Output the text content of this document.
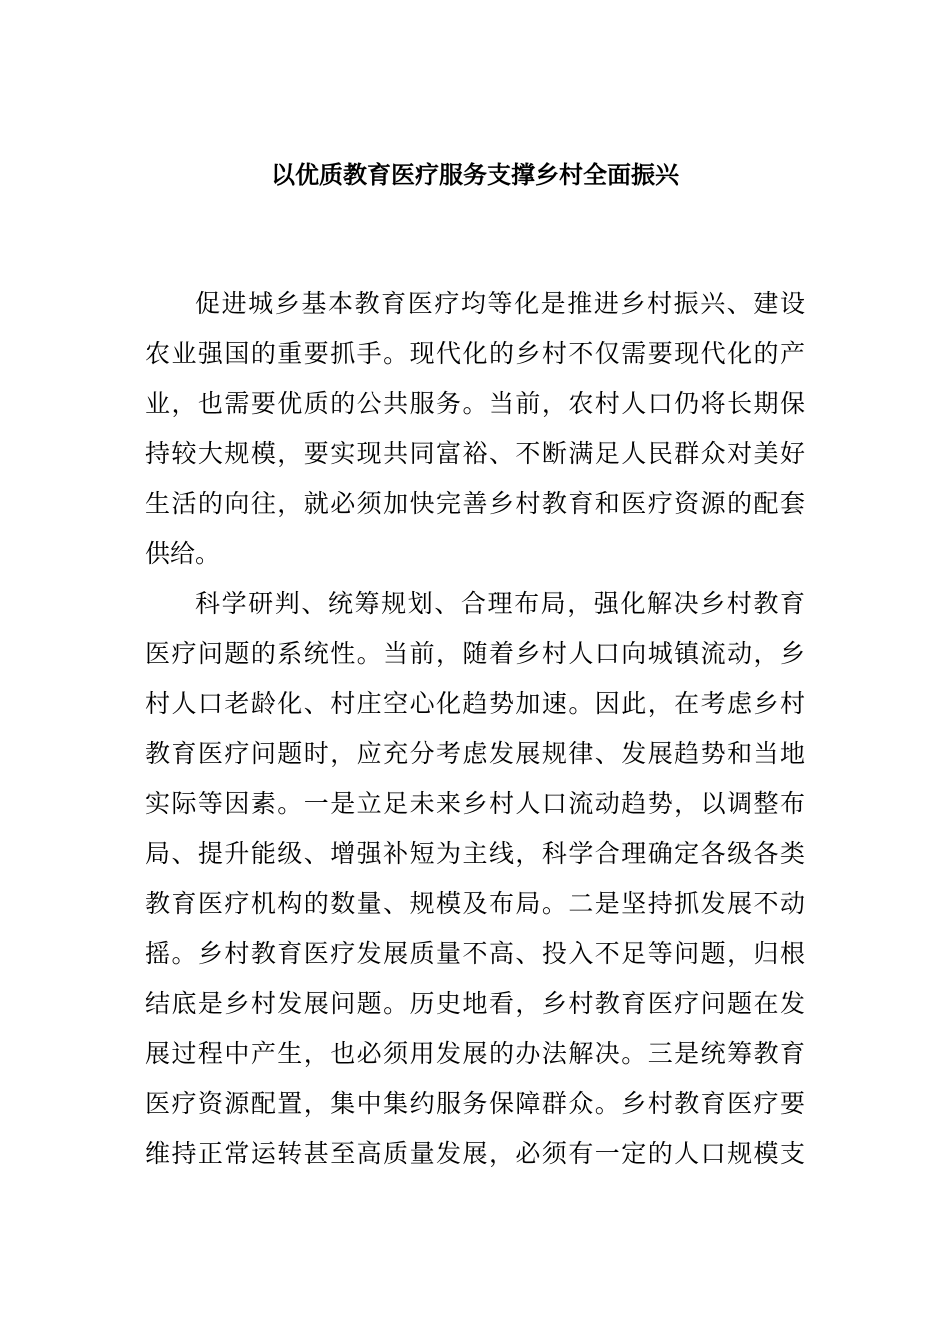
以优质教育医疗服务支撑乡村全面振兴
促进城乡基本教育医疗均等化是推进乡村振兴、建设
农业强国的重要抓手。现代化的乡村不仅需要现代化的产
业，也需要优质的公共服务。当前，农村人口仍将长期保
持较大规模，要实现共同富裕、不断满足人民群众对美好
生活的向往，就必须加快完善乡村教育和医疗资源的配套
供给。
科学研判、统筹规划、合理布局，强化解决乡村教育
医疗问题的系统性。当前，随着乡村人口向城镇流动，乡
村人口老龄化、村庄空心化趋势加速。因此，在考虑乡村
教育医疗问题时，应充分考虑发展规律、发展趋势和当地
实际等因素。一是立足未来乡村人口流动趋势，以调整布
局、提升能级、增强补短为主线，科学合理确定各级各类
教育医疗机构的数量、规模及布局。二是坚持抓发展不动
摇。乡村教育医疗发展质量不高、投入不足等问题，归根
结底是乡村发展问题。历史地看，乡村教育医疗问题在发
展过程中产生，也必须用发展的办法解决。三是统筹教育
医疗资源配置，集中集约服务保障群众。乡村教育医疗要
维持正常运转甚至高质量发展，必须有一定的人口规模支
